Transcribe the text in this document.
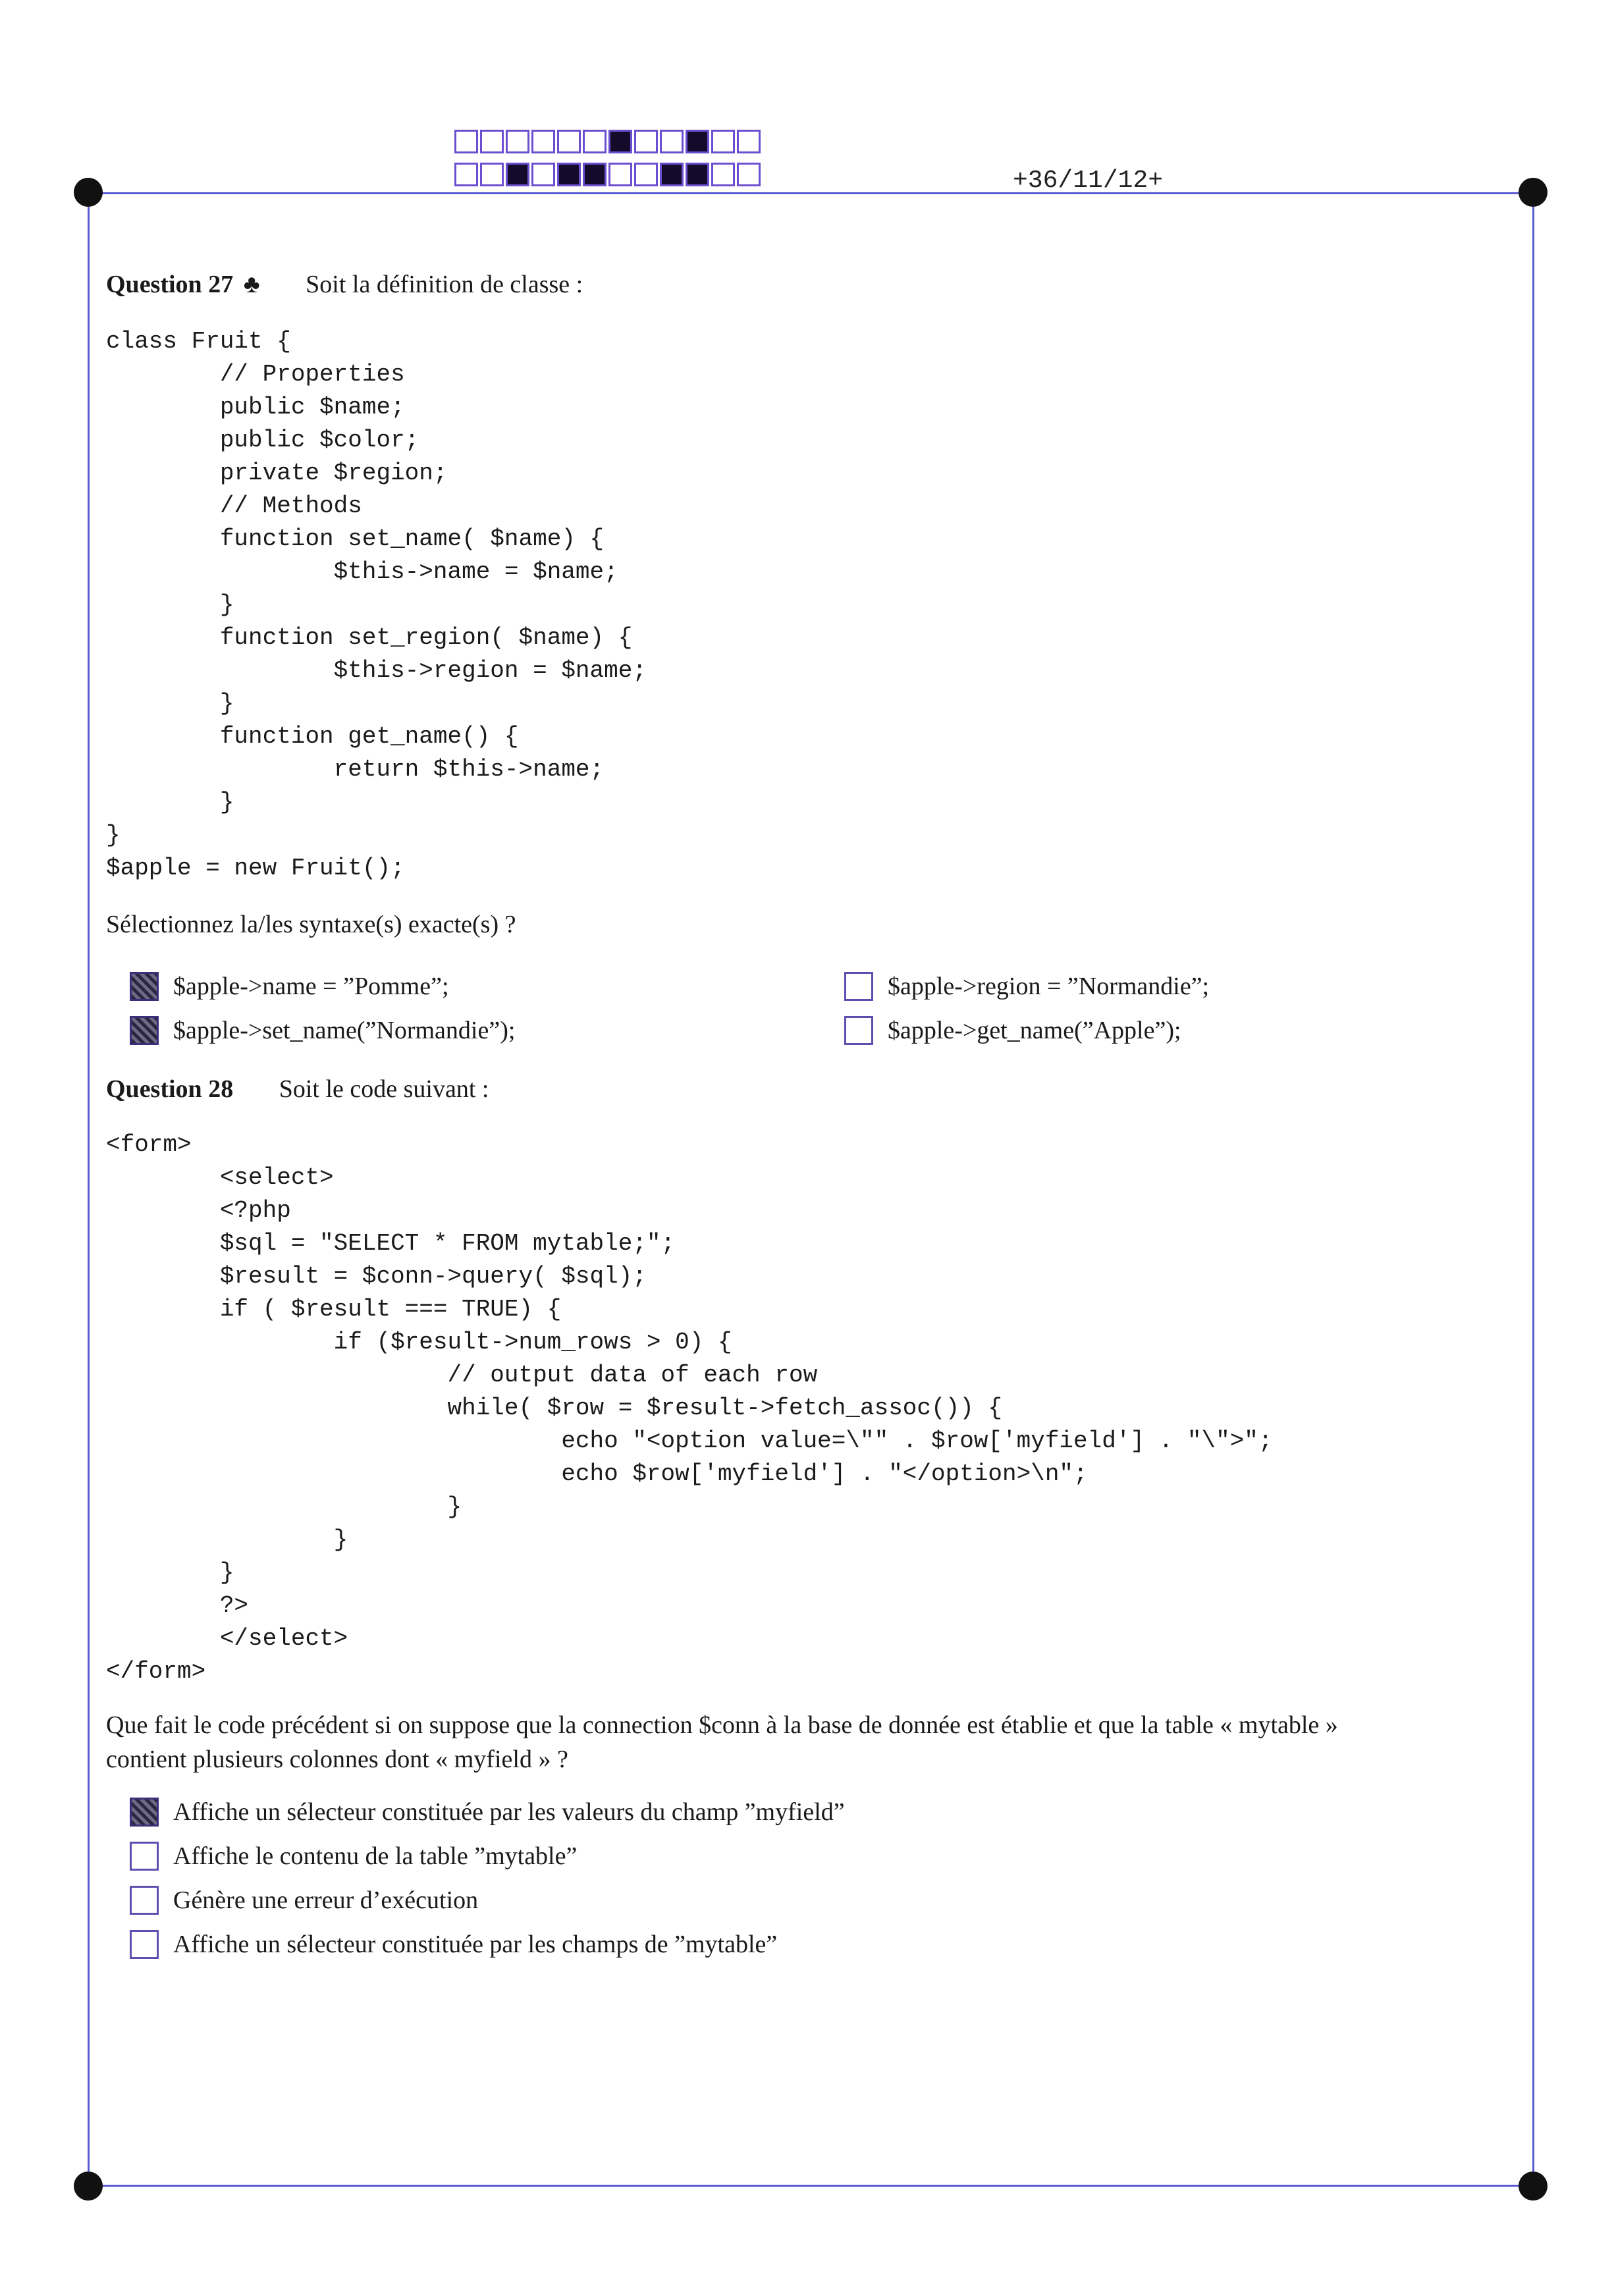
+36/11/12+
Question 27 ♣ Soit la définition de classe :
class Fruit {
// Properties
public $name;
public $color;
private $region;
// Methods
function set_name( $name) {
$this->name = $name;
}
function set_region( $name) {
$this->region = $name;
}
function get_name() {
return $this->name;
}
}
$apple = new Fruit();
Sélectionnez la/les syntaxe(s) exacte(s) ?
$apple->name = ”Pomme”;	$apple->region = ”Normandie”;
$apple->set_name(”Normandie”);	$apple->get_name(”Apple”);
Question 28 Soit le code suivant :
<form>
<select>
<?php
$sql = "SELECT * FROM mytable;";
$result = $conn->query( $sql);
if ( $result === TRUE) {
if ($result->num_rows > 0) {
// output data of each row
while( $row = $result->fetch_assoc()) {
echo "<option value=\"" . $row['myfield'] . "\">";
echo $row['myfield'] . "</option>\n";
}
}
}
?>
</select>
</form>
Que fait le code précédent si on suppose que la connection $conn à la base de donnée est établie et que la table « mytable »
contient plusieurs colonnes dont « myfield » ?
Affiche un sélecteur constituée par les valeurs du champ ”myfield”
Affiche le contenu de la table ”mytable”
Génère une erreur d’exécution
Affiche un sélecteur constituée par les champs de ”mytable”
